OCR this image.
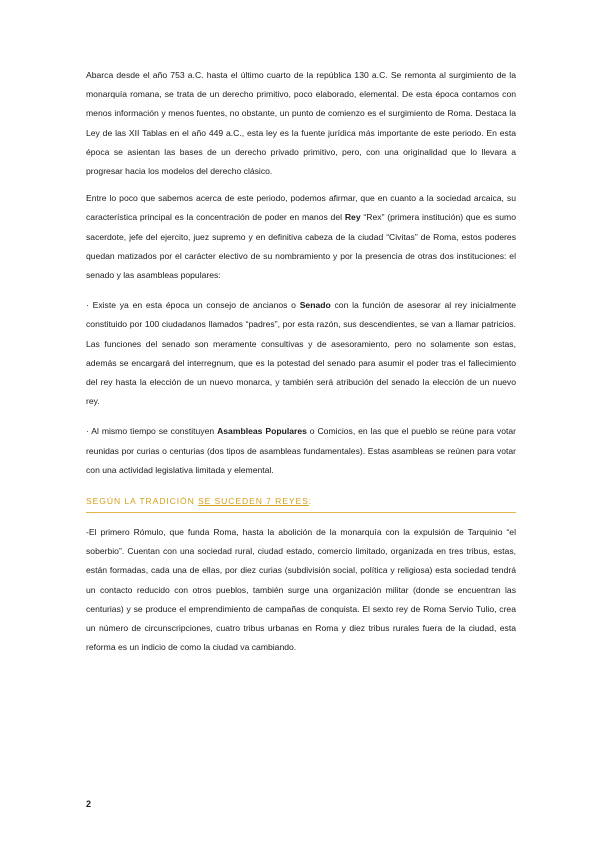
Abarca desde el año 753 a.C. hasta el último cuarto de la república 130 a.C. Se remonta al surgimiento de la monarquía romana, se trata de un derecho primitivo, poco elaborado, elemental. De esta época contamos con menos información y menos fuentes, no obstante, un punto de comienzo es el surgimiento de Roma. Destaca la Ley de las XII Tablas en el año 449 a.C., esta ley es la fuente jurídica más importante de este periodo. En esta época se asientan las bases de un derecho privado primitivo, pero, con una originalidad que lo llevara a progresar hacia los modelos del derecho clásico.

Entre lo poco que sabemos acerca de este periodo, podemos afirmar, que en cuanto a la sociedad arcaica, su característica principal es la concentración de poder en manos del Rey “Rex” (primera institución) que es sumo sacerdote, jefe del ejercito, juez supremo y en definitiva cabeza de la ciudad “Civitas” de Roma, estos poderes quedan matizados por el carácter electivo de su nombramiento y por la presencia de otras dos instituciones: el senado y las asambleas populares:

· Existe ya en esta época un consejo de ancianos o Senado con la función de asesorar al rey inicialmente constituido por 100 ciudadanos llamados “padres”, por esta razón, sus descendientes, se van a llamar patricios. Las funciones del senado son meramente consultivas y de asesoramiento, pero no solamente son estas, además se encargará del interregnum, que es la potestad del senado para asumir el poder tras el fallecimiento del rey hasta la elección de un nuevo monarca, y también será atribución del senado la elección de un nuevo rey.

· Al mismo tiempo se constituyen Asambleas Populares o Comicios, en las que el pueblo se reúne para votar reunidas por curias o centurias (dos tipos de asambleas fundamentales). Estas asambleas se reúnen para votar con una actividad legislativa limitada y elemental.

SEGÚN LA TRADICIÓN SE SUCEDEN 7 REYES:

-El primero Rómulo, que funda Roma, hasta la abolición de la monarquía con la expulsión de Tarquinio “el soberbio”. Cuentan con una sociedad rural, ciudad estado, comercio limitado, organizada en tres tribus, estas, están formadas, cada una de ellas, por diez curias (subdivisión social, política y religiosa) esta sociedad tendrá un contacto reducido con otros pueblos, también surge una organización militar (donde se encuentran las centurias) y se produce el emprendimiento de campañas de conquista. El sexto rey de Roma Servio Tulio, crea un número de circunscripciones, cuatro tribus urbanas en Roma y diez tribus rurales fuera de la ciudad, esta reforma es un indicio de como la ciudad va cambiando.

2
